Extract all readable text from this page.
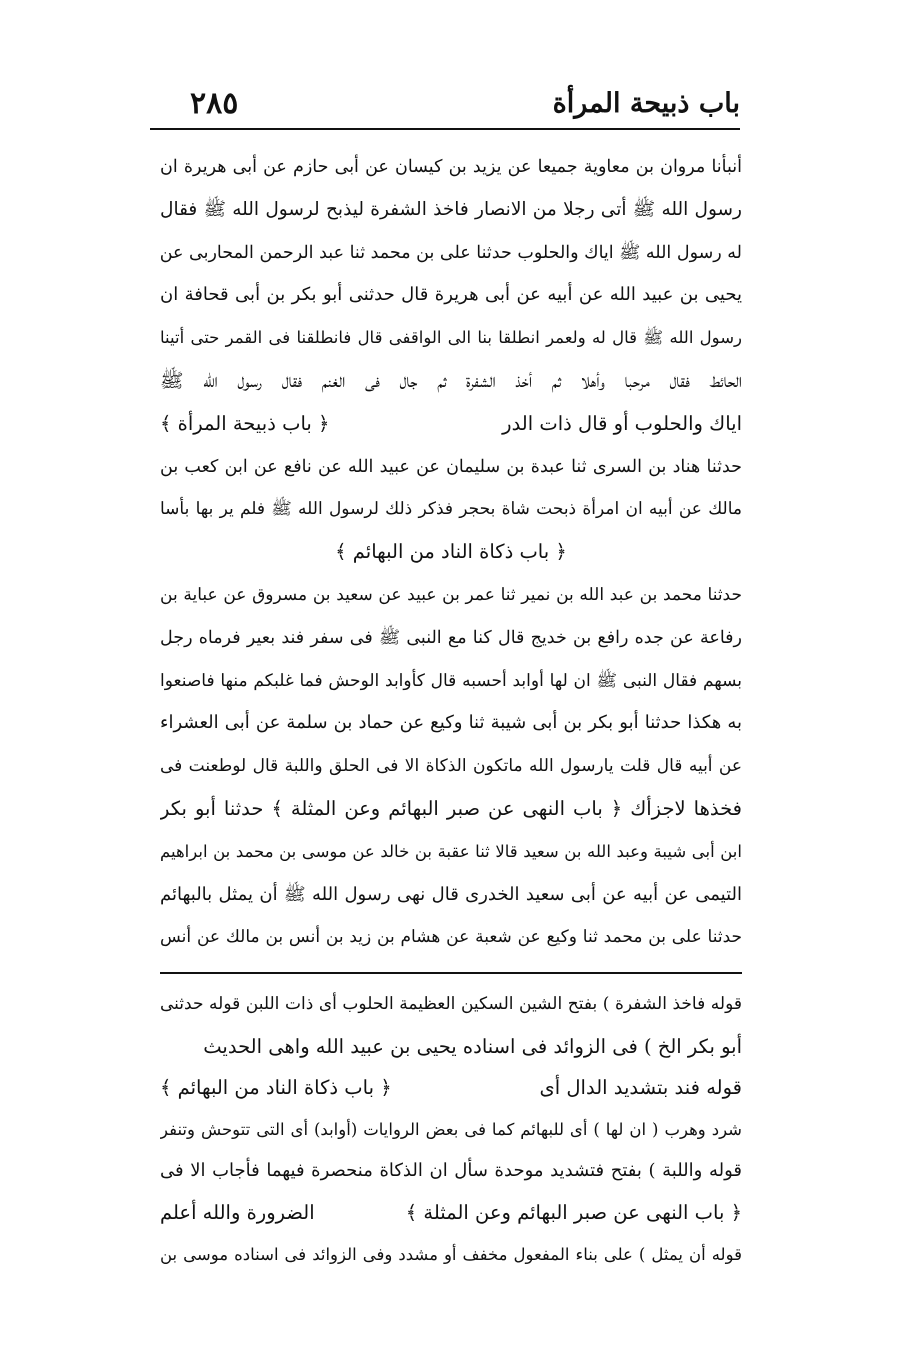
باب ذبيحة المرأة
٢٨٥
أنبأنا مروان بن معاوية جميعا عن يزيد بن كيسان عن أبى حازم عن أبى هريرة ان
رسول الله ﷺ أتى رجلا من الانصار فاخذ الشفرة ليذبح لرسول الله ﷺ فقال
له رسول الله ﷺ اياك والحلوب حدثنا على بن محمد ثنا عبد الرحمن المحاربى عن
يحيى بن عبيد الله عن أبيه عن أبى هريرة قال حدثنى أبو بكر بن أبى قحافة ان
رسول الله ﷺ قال له ولعمر انطلقا بنا الى الواقفى قال فانطلقنا فى القمر حتى أتينا
الحائط فقال مرحبا وأهلا ثم أخذ الشفرة ثم جال فى الغنم فقال رسول الله ﷺ
اياك والحلوب أو قال ذات الدر
﴿ باب ذبيحة المرأة ﴾
حدثنا هناد بن السرى ثنا عبدة بن سليمان عن عبيد الله عن نافع عن ابن كعب بن
مالك عن أبيه ان امرأة ذبحت شاة بحجر فذكر ذلك لرسول الله ﷺ فلم ير بها بأسا
﴿ باب ذكاة الناد من البهائم ﴾
حدثنا محمد بن عبد الله بن نمير ثنا عمر بن عبيد عن سعيد بن مسروق عن عباية بن
رفاعة عن جده رافع بن خديج قال كنا مع النبى ﷺ فى سفر فند بعير فرماه رجل
بسهم فقال النبى ﷺ ان لها أوابد أحسبه قال كأوابد الوحش فما غلبكم منها فاصنعوا
به هكذا حدثنا أبو بكر بن أبى شيبة ثنا وكيع عن حماد بن سلمة عن أبى العشراء
عن أبيه قال قلت يارسول الله ماتكون الذكاة الا فى الحلق واللبة قال لوطعنت فى
فخذها لاجزأك ﴿ باب النهى عن صبر البهائم وعن المثلة ﴾ حدثنا أبو بكر
ابن أبى شيبة وعبد الله بن سعيد قالا ثنا عقبة بن خالد عن موسى بن محمد بن ابراهيم
التيمى عن أبيه عن أبى سعيد الخدرى قال نهى رسول الله ﷺ أن يمثل بالبهائم
حدثنا على بن محمد ثنا وكيع عن شعبة عن هشام بن زيد بن أنس بن مالك عن أنس
قوله فاخذ الشفرة ) بفتح الشين السكين العظيمة الحلوب أى ذات اللبن قوله حدثنى
أبو بكر الخ ) فى الزوائد فى اسناده يحيى بن عبيد الله واهى الحديث
قوله فند بتشديد الدال أى
﴿ باب ذكاة الناد من البهائم ﴾
شرد وهرب ( ان لها ) أى للبهائم كما فى بعض الروايات (أوابد) أى التى تتوحش وتنفر
قوله واللبة ) بفتح فتشديد موحدة سأل ان الذكاة منحصرة فيهما فأجاب الا فى
﴿ باب النهى عن صبر البهائم وعن المثلة ﴾
الضرورة والله أعلم
قوله أن يمثل ) على بناء المفعول مخفف أو مشدد وفى الزوائد فى اسناده موسى بن
